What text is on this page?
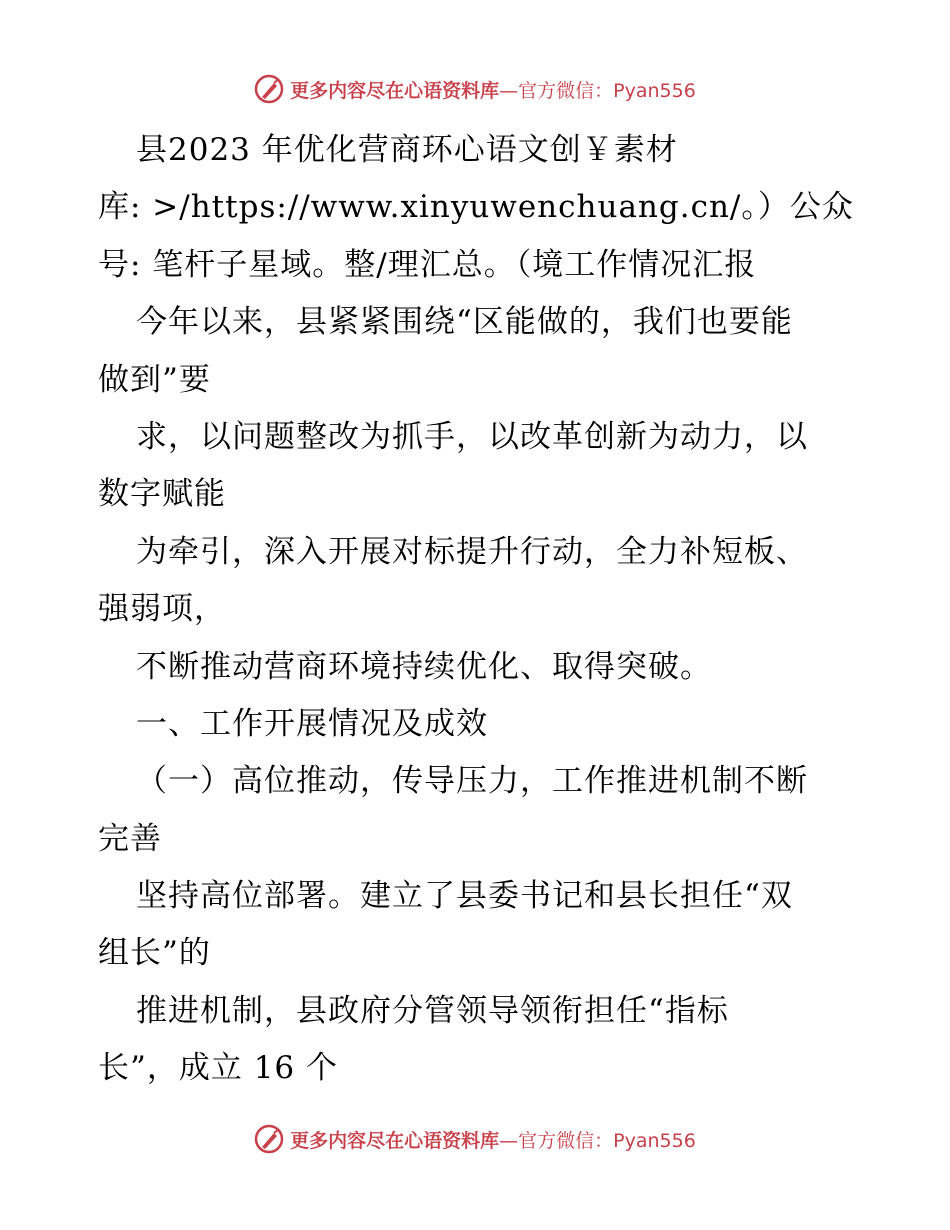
更多内容尽在心语资料库 —官方微信：Pyan556
县2023 年优化营商环心语文创￥素材
库: >/https://www.xinyuwenchuang.cn/。）公众
号: 笔杆子星域。整/理汇总。（境工作情况汇报
今年以来，县紧紧围绕“区能做的，我们也要能
做到”要
求，以问题整改为抓手，以改革创新为动力，以
数字赋能
为牵引，深入开展对标提升行动，全力补短板、
强弱项，
不断推动营商环境持续优化、取得突破。
一、工作开展情况及成效
（一）高位推动，传导压力，工作推进机制不断
完善
坚持高位部署。建立了县委书记和县长担任“双
组长”的
推进机制，县政府分管领导领衔担任“指标
长”，成立 16 个
更多内容尽在心语资料库 —官方微信：Pyan556
